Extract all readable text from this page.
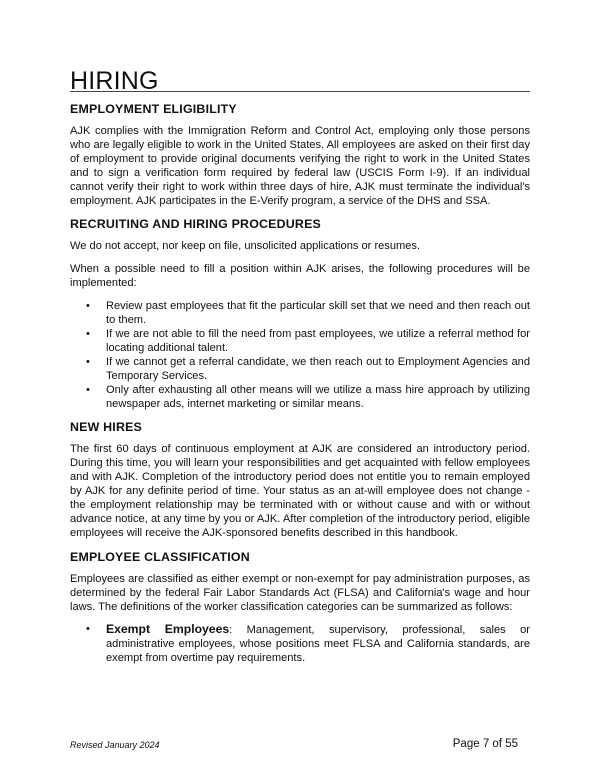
HIRING
EMPLOYMENT ELIGIBILITY

AJK complies with the Immigration Reform and Control Act, employing only those persons who are legally eligible to work in the United States. All employees are asked on their first day of employment to provide original documents verifying the right to work in the United States and to sign a verification form required by federal law (USCIS Form I-9). If an individual cannot verify their right to work within three days of hire, AJK must terminate the individual's employment. AJK participates in the E-Verify program, a service of the DHS and SSA.

RECRUITING AND HIRING PROCEDURES

We do not accept, nor keep on file, unsolicited applications or resumes.

When a possible need to fill a position within AJK arises, the following procedures will be implemented:

• Review past employees that fit the particular skill set that we need and then reach out to them.
• If we are not able to fill the need from past employees, we utilize a referral method for locating additional talent.
• If we cannot get a referral candidate, we then reach out to Employment Agencies and Temporary Services.
• Only after exhausting all other means will we utilize a mass hire approach by utilizing newspaper ads, internet marketing or similar means.
NEW HIRES

The first 60 days of continuous employment at AJK are considered an introductory period. During this time, you will learn your responsibilities and get acquainted with fellow employees and with AJK. Completion of the introductory period does not entitle you to remain employed by AJK for any definite period of time. Your status as an at-will employee does not change - the employment relationship may be terminated with or without cause and with or without advance notice, at any time by you or AJK. After completion of the introductory period, eligible employees will receive the AJK-sponsored benefits described in this handbook.

EMPLOYEE CLASSIFICATION

Employees are classified as either exempt or non-exempt for pay administration purposes, as determined by the federal Fair Labor Standards Act (FLSA) and California's wage and hour laws. The definitions of the worker classification categories can be summarized as follows:

• Exempt Employees: Management, supervisory, professional, sales or administrative employees, whose positions meet FLSA and California standards, are exempt from overtime pay requirements.
Revised January 2024	Page 7 of 55
